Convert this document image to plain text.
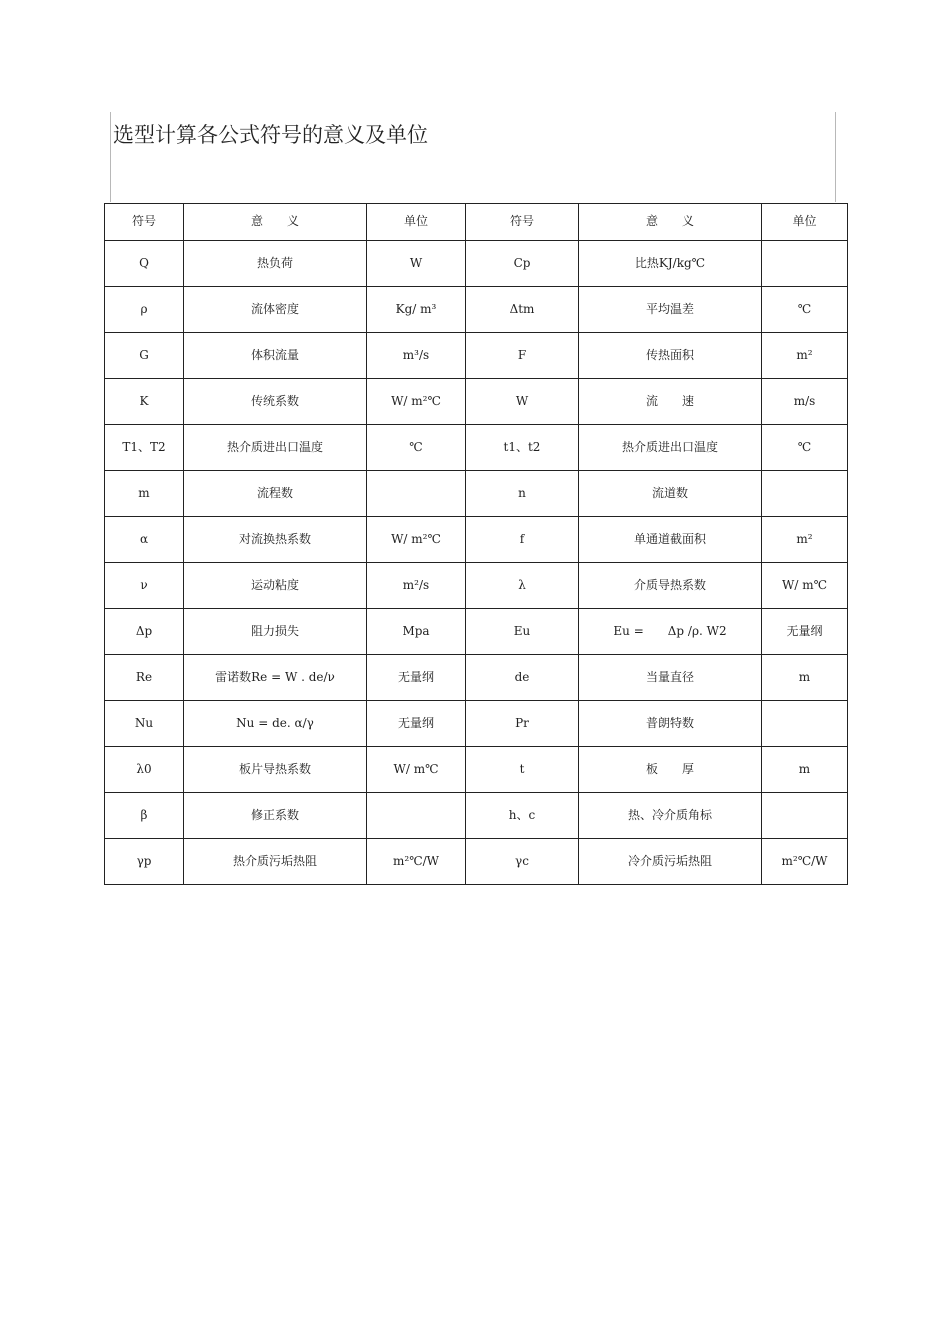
选型计算各公式符号的意义及单位
符号	意　　义	单位	符号	意　　义	单位
Q	热负荷	W	Cp	比热KJ/kg℃	
ρ	流体密度	Kg/ m³	Δtm	平均温差	℃
G	体积流量	m³/s	F	传热面积	m²
K	传统系数	W/ m²℃	W	流　　速	m/s
T1、T2	热介质进出口温度	℃	t1、t2	热介质进出口温度	℃
m	流程数		n	流道数	
α	对流换热系数	W/ m²℃	f	单通道截面积	m²
ν	运动粘度	m²/s	λ	介质导热系数	W/ m℃
Δp	阻力损失	Mpa	Eu	Eu =　　Δp /ρ. W2	无量纲
Re	雷诺数Re = W . de/ν	无量纲	de	当量直径	m
Nu	Nu = de. α/γ	无量纲	Pr	普朗特数	
λ0	板片导热系数	W/ m℃	t	板　　厚	m
β	修正系数		h、c	热、冷介质角标	
γp	热介质污垢热阻	m²℃/W	γc	冷介质污垢热阻	m²℃/W
